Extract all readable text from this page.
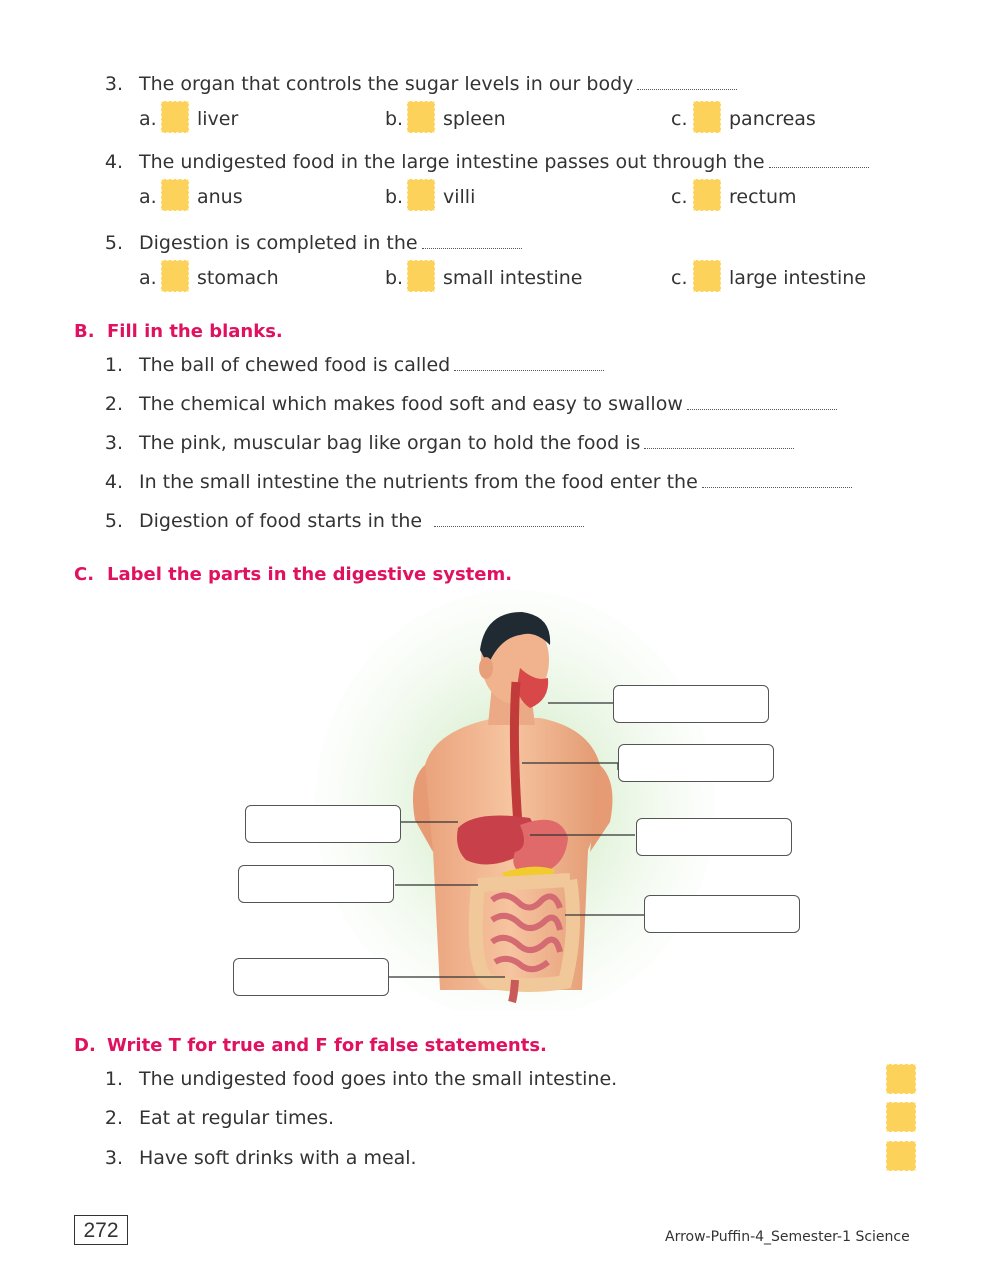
3. The organ that controls the sugar levels in our body
a. liver	b. spleen	c. pancreas
4. The undigested food in the large intestine passes out through the
a. anus	b. villi	c. rectum
5. Digestion is completed in the
a. stomach	b. small intestine	c. large intestine
B. Fill in the blanks.
1. The ball of chewed food is called
2. The chemical which makes food soft and easy to swallow
3. The pink, muscular bag like organ to hold the food is
4. In the small intestine the nutrients from the food enter the
5. Digestion of food starts in the
C. Label the parts in the digestive system.
D. Write T for true and F for false statements.
1. The undigested food goes into the small intestine.
2. Eat at regular times.
3. Have soft drinks with a meal.
272	Arrow-Puffin-4_Semester-1 Science
